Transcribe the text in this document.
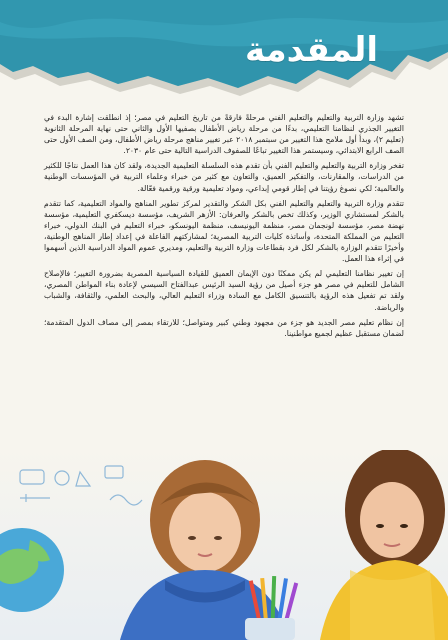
المقدمة

تشهد وزارة التربية والتعليم والتعليم الفني مرحلةً فارقةً من تاريخ التعليم في مصر؛ إذ انطلقت إشارة البدء في التغيير الجذري لنظامنا التعليمي، بدءًا من مرحلة رياض الأطفال بصفيها الأول والثاني حتى نهاية المرحلة الثانوية (تعليم ٢)، وبدأ أول ملامح هذا التغيير من سبتمبر ٢٠١٨ عبر تغيير مناهج مرحلة رياض الأطفال، ومن الصف الأول حتى الصف الرابع الابتدائي، وسيستمر هذا التغيير تباعًا للصفوف الدراسية التالية حتى عام ٢٠٣٠.

تفخر وزارة التربية والتعليم والتعليم الفني بأن تقدم هذه السلسلة التعليمية الجديدة، ولقد كان هذا العمل نتاجًا للكثير من الدراسات، والمقارنات، والتفكير العميق، والتعاون مع كثير من خبراء وعلماء التربية في المؤسسات الوطنية والعالمية؛ لكي نصوغ رؤيتنا في إطار قومي إبداعي، ومواد تعليمية ورقية ورقمية فعّالة.

تتقدم وزارة التربية والتعليم والتعليم الفني بكل الشكر والتقدير لمركز تطوير المناهج والمواد التعليمية، كما تتقدم بالشكر لمستشاري الوزير، وكذلك تخص بالشكر والعرفان: الأزهر الشريف، مؤسسة ديسكفري التعليمية، مؤسسة نهضة مصر، مؤسسة لونجمان مصر، منظمة اليونيسف، منظمة اليونسكو، خبراء التعليم في البنك الدولي، خبراء التعليم من المملكة المتحدة، وأساتذة كليات التربية المصرية؛ لمشاركتهم الفاعلة في إعداد إطار المناهج الوطنية، وأخيرًا تتقدم الوزارة بالشكر لكل فرد بقطاعات وزارة التربية والتعليم، ومديري عموم المواد الدراسية الذين أسهموا في إثراء هذا العمل.

إن تغيير نظامنا التعليمي لم يكن ممكنًا دون الإيمان العميق للقيادة السياسية المصرية بضرورة التغيير؛ فالإصلاح الشامل للتعليم في مصر هو جزء أصيل من رؤية السيد الرئيس عبدالفتاح السيسي لإعادة بناء المواطن المصري، ولقد تم تفعيل هذه الرؤية بالتنسيق الكامل مع السادة وزراء التعليم العالي، والبحث العلمي، والثقافة، والشباب والرياضة.

إن نظام تعليم مصر الجديد هو جزء من مجهود وطني كبير ومتواصل؛ للارتقاء بمصر إلى مصاف الدول المتقدمة؛ لضمان مستقبل عظيم لجميع مواطنينا.
